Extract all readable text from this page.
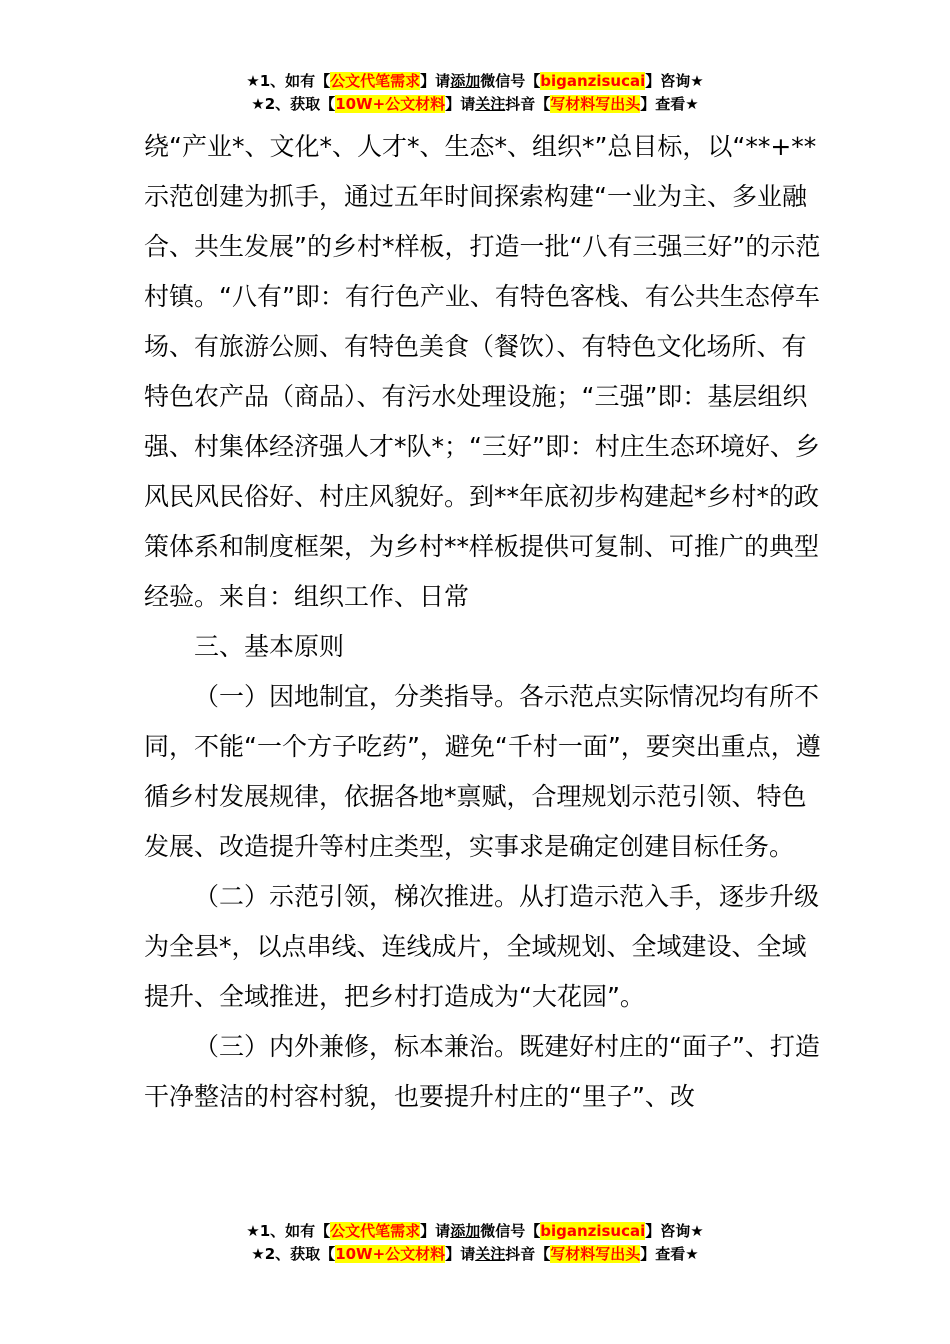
★1、如有【公文代笔需求】请添加微信号【biganzisucai】咨询★
★2、获取【10W+公文材料】请关注抖音【写材料写出头】查看★

绕“产业*、文化*、人才*、生态*、组织*”总目标，以“**+**示范创建为抓手，通过五年时间探索构建“一业为主、多业融合、共生发展”的乡村*样板，打造一批“八有三强三好”的示范村镇。“八有”即：有行色产业、有特色客栈、有公共生态停车场、有旅游公厕、有特色美食（餐饮）、有特色文化场所、有特色农产品（商品）、有污水处理设施；“三强”即：基层组织强、村集体经济强人才*队*；“三好”即：村庄生态环境好、乡风民风民俗好、村庄风貌好。到**年底初步构建起*乡村*的政策体系和制度框架，为乡村**样板提供可复制、可推广的典型经验。来自：组织工作、日常

三、基本原则

（一）因地制宜，分类指导。各示范点实际情况均有所不同，不能“一个方子吃药”，避免“千村一面”，要突出重点，遵循乡村发展规律，依据各地*禀赋，合理规划示范引领、特色发展、改造提升等村庄类型，实事求是确定创建目标任务。

（二）示范引领，梯次推进。从打造示范入手，逐步升级为全县*，以点串线、连线成片，全域规划、全域建设、全域提升、全域推进，把乡村打造成为“大花园”。

（三）内外兼修，标本兼治。既建好村庄的“面子”、打造干净整洁的村容村貌，也要提升村庄的“里子”、改

★1、如有【公文代笔需求】请添加微信号【biganzisucai】咨询★
★2、获取【10W+公文材料】请关注抖音【写材料写出头】查看★
